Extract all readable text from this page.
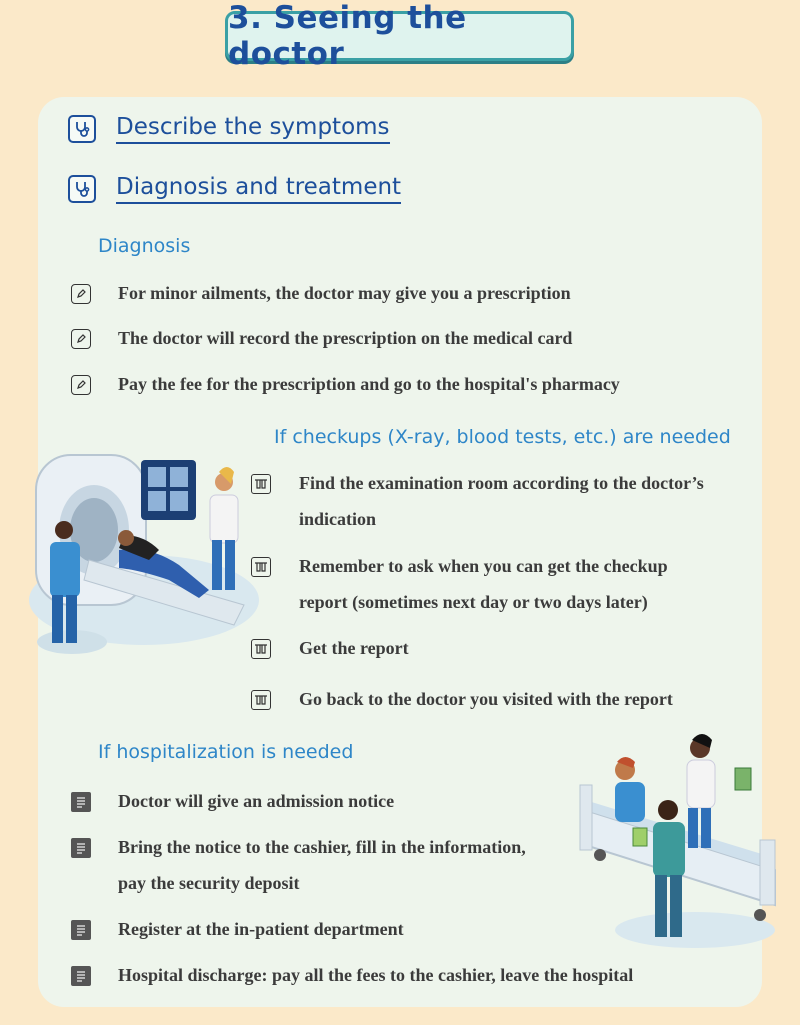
3. Seeing the doctor
Describe the symptoms
Diagnosis and treatment
Diagnosis
For minor ailments, the doctor may give you a prescription
The doctor will record the prescription on the medical card
Pay the fee for the prescription and go to the hospital's pharmacy
If checkups (X-ray, blood tests, etc.) are needed
Find the examination room according to the doctor’s
indication
Remember to ask when you can get the checkup
report (sometimes next day or two days later)
Get the report
Go back to the doctor you visited with the report
If hospitalization is needed
Doctor will give an admission notice
Bring the notice to the cashier, fill in the information,
pay the security deposit
Register at the in-patient department
Hospital discharge: pay all the fees to the cashier, leave the hospital
